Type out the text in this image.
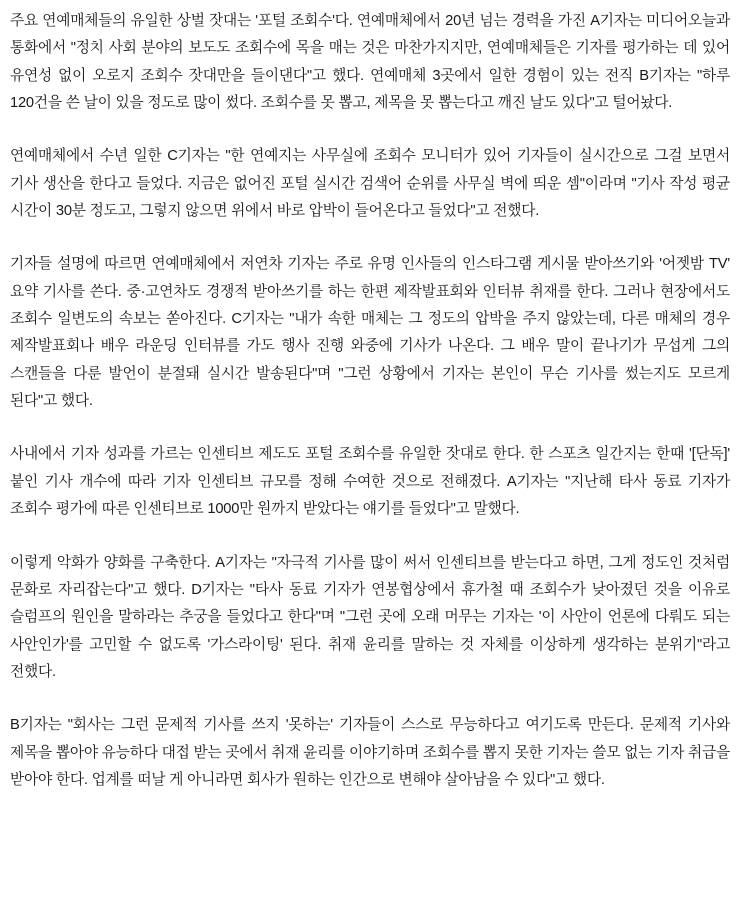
주요 연예매체들의 유일한 상벌 잣대는 '포털 조회수'다. 연예매체에서 20년 넘는 경력을 가진 A기자는 미디어오늘과 통화에서 "정치 사회 분야의 보도도 조회수에 목을 매는 것은 마찬가지지만, 연예매체들은 기자를 평가하는 데 있어 유연성 없이 오로지 조회수 잣대만을 들이댄다"고 했다. 연예매체 3곳에서 일한 경험이 있는 전직 B기자는 "하루 120건을 쓴 날이 있을 정도로 많이 썼다. 조회수를 못 뽑고, 제목을 못 뽑는다고 깨진 날도 있다"고 털어놨다.

연예매체에서 수년 일한 C기자는 "한 연예지는 사무실에 조회수 모니터가 있어 기자들이 실시간으로 그걸 보면서 기사 생산을 한다고 들었다. 지금은 없어진 포털 실시간 검색어 순위를 사무실 벽에 띄운 셈"이라며 "기사 작성 평균 시간이 30분 정도고, 그렇지 않으면 위에서 바로 압박이 들어온다고 들었다"고 전했다.

기자들 설명에 따르면 연예매체에서 저연차 기자는 주로 유명 인사들의 인스타그램 게시물 받아쓰기와 '어젯밤 TV' 요약 기사를 쓴다. 중·고연차도 경쟁적 받아쓰기를 하는 한편 제작발표회와 인터뷰 취재를 한다. 그러나 현장에서도 조회수 일변도의 속보는 쏟아진다. C기자는 "내가 속한 매체는 그 정도의 압박을 주지 않았는데, 다른 매체의 경우 제작발표회나 배우 라운딩 인터뷰를 가도 행사 진행 와중에 기사가 나온다. 그 배우 말이 끝나기가 무섭게 그의 스캔들을 다룬 발언이 분절돼 실시간 발송된다"며 "그런 상황에서 기자는 본인이 무슨 기사를 썼는지도 모르게 된다"고 했다.

사내에서 기자 성과를 가르는 인센티브 제도도 포털 조회수를 유일한 잣대로 한다. 한 스포츠 일간지는 한때 '[단독]' 붙인 기사 개수에 따라 기자 인센티브 규모를 정해 수여한 것으로 전해졌다. A기자는 "지난해 타사 동료 기자가 조회수 평가에 따른 인센티브로 1000만 원까지 받았다는 얘기를 들었다"고 말했다.

이렇게 악화가 양화를 구축한다. A기자는 "자극적 기사를 많이 써서 인센티브를 받는다고 하면, 그게 정도인 것처럼 문화로 자리잡는다"고 했다. D기자는 "타사 동료 기자가 연봉협상에서 휴가철 때 조회수가 낮아졌던 것을 이유로 슬럼프의 원인을 말하라는 추궁을 들었다고 한다"며 "그런 곳에 오래 머무는 기자는 '이 사안이 언론에 다뤄도 되는 사안인가'를 고민할 수 없도록 '가스라이팅' 된다. 취재 윤리를 말하는 것 자체를 이상하게 생각하는 분위기"라고 전했다.

B기자는 "회사는 그런 문제적 기사를 쓰지 '못하는' 기자들이 스스로 무능하다고 여기도록 만든다. 문제적 기사와 제목을 뽑아야 유능하다 대접 받는 곳에서 취재 윤리를 이야기하며 조회수를 뽑지 못한 기자는 쓸모 없는 기자 취급을 받아야 한다. 업계를 떠날 게 아니라면 회사가 원하는 인간으로 변해야 살아남을 수 있다"고 했다.
